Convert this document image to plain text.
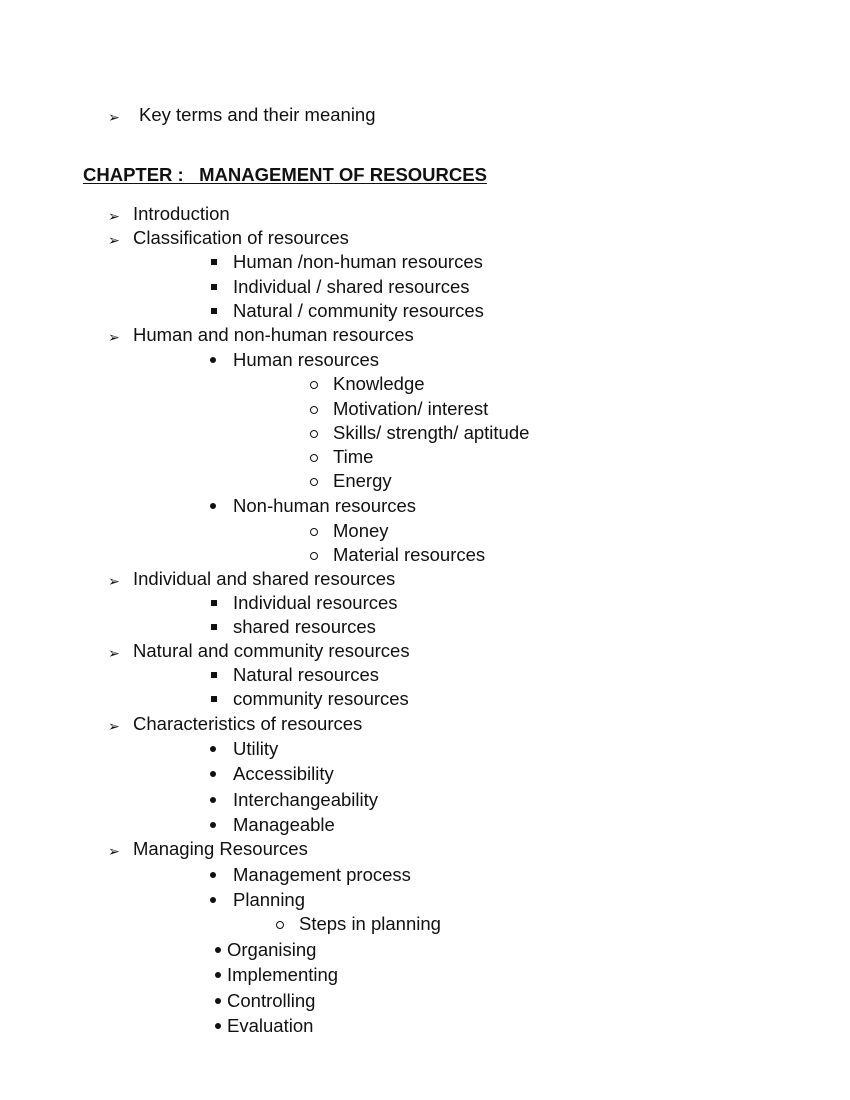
➢ Key terms and their meaning
CHAPTER :   MANAGEMENT OF RESOURCES
➢ Introduction
➢ Classification of resources
Human /non-human resources
Individual / shared resources
Natural / community resources
➢ Human and non-human resources
Human resources
Knowledge
Motivation/ interest
Skills/ strength/ aptitude
Time
Energy
Non-human resources
Money
Material resources
➢ Individual and shared resources
Individual resources
shared resources
➢ Natural and community resources
Natural resources
community resources
➢ Characteristics of resources
Utility
Accessibility
Interchangeability
Manageable
➢ Managing Resources
Management process
Planning
Steps in planning
Organising
Implementing
Controlling
Evaluation
